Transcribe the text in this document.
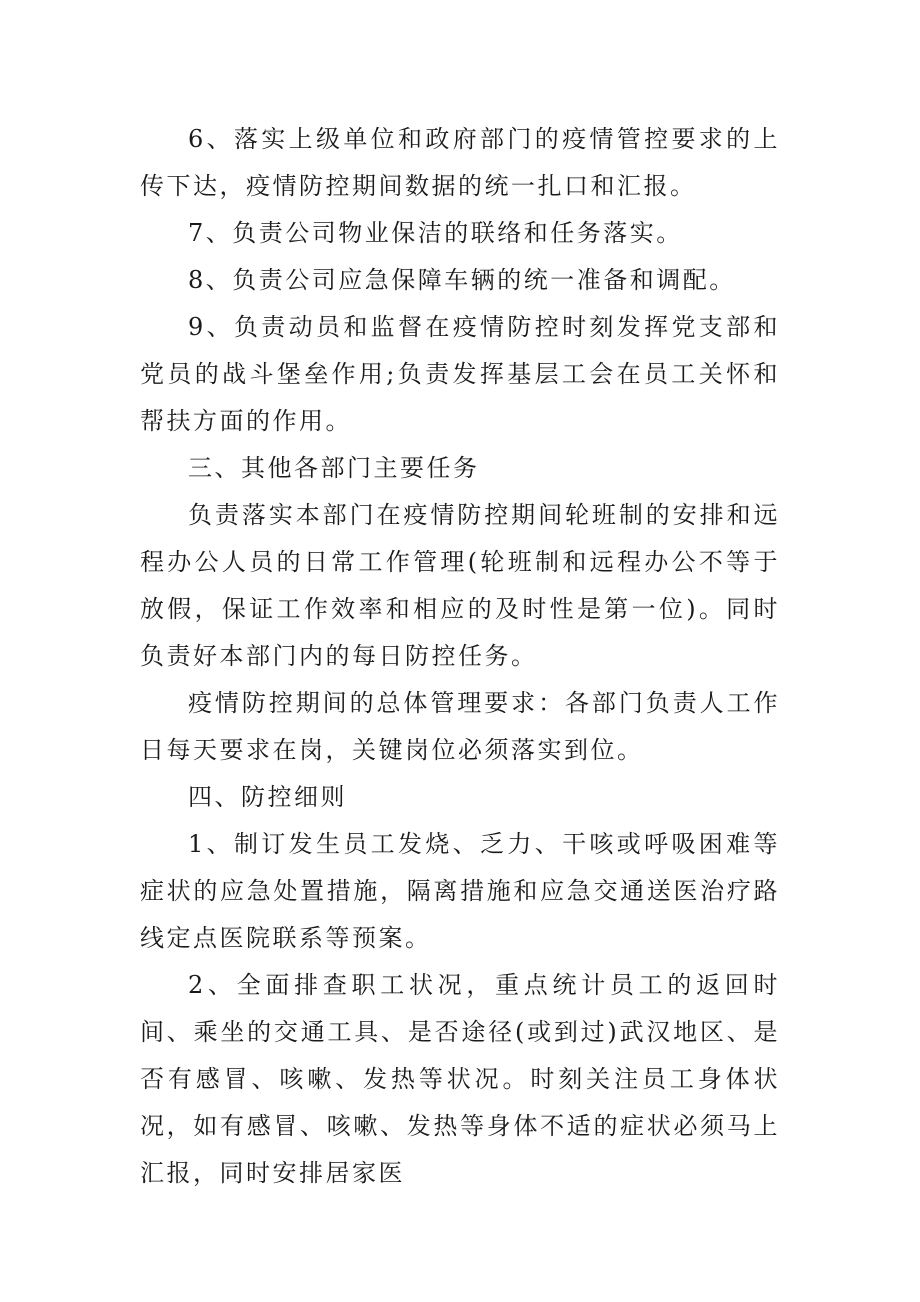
6、落实上级单位和政府部门的疫情管控要求的上传下达，疫情防控期间数据的统一扎口和汇报。

7、负责公司物业保洁的联络和任务落实。

8、负责公司应急保障车辆的统一准备和调配。

9、负责动员和监督在疫情防控时刻发挥党支部和党员的战斗堡垒作用;负责发挥基层工会在员工关怀和帮扶方面的作用。

三、其他各部门主要任务

负责落实本部门在疫情防控期间轮班制的安排和远程办公人员的日常工作管理(轮班制和远程办公不等于放假，保证工作效率和相应的及时性是第一位)。同时负责好本部门内的每日防控任务。

疫情防控期间的总体管理要求：各部门负责人工作日每天要求在岗，关键岗位必须落实到位。

四、防控细则

1、制订发生员工发烧、乏力、干咳或呼吸困难等症状的应急处置措施，隔离措施和应急交通送医治疗路线定点医院联系等预案。

2、全面排查职工状况，重点统计员工的返回时间、乘坐的交通工具、是否途径(或到过)武汉地区、是否有感冒、咳嗽、发热等状况。时刻关注员工身体状况，如有感冒、咳嗽、发热等身体不适的症状必须马上汇报，同时安排居家医
